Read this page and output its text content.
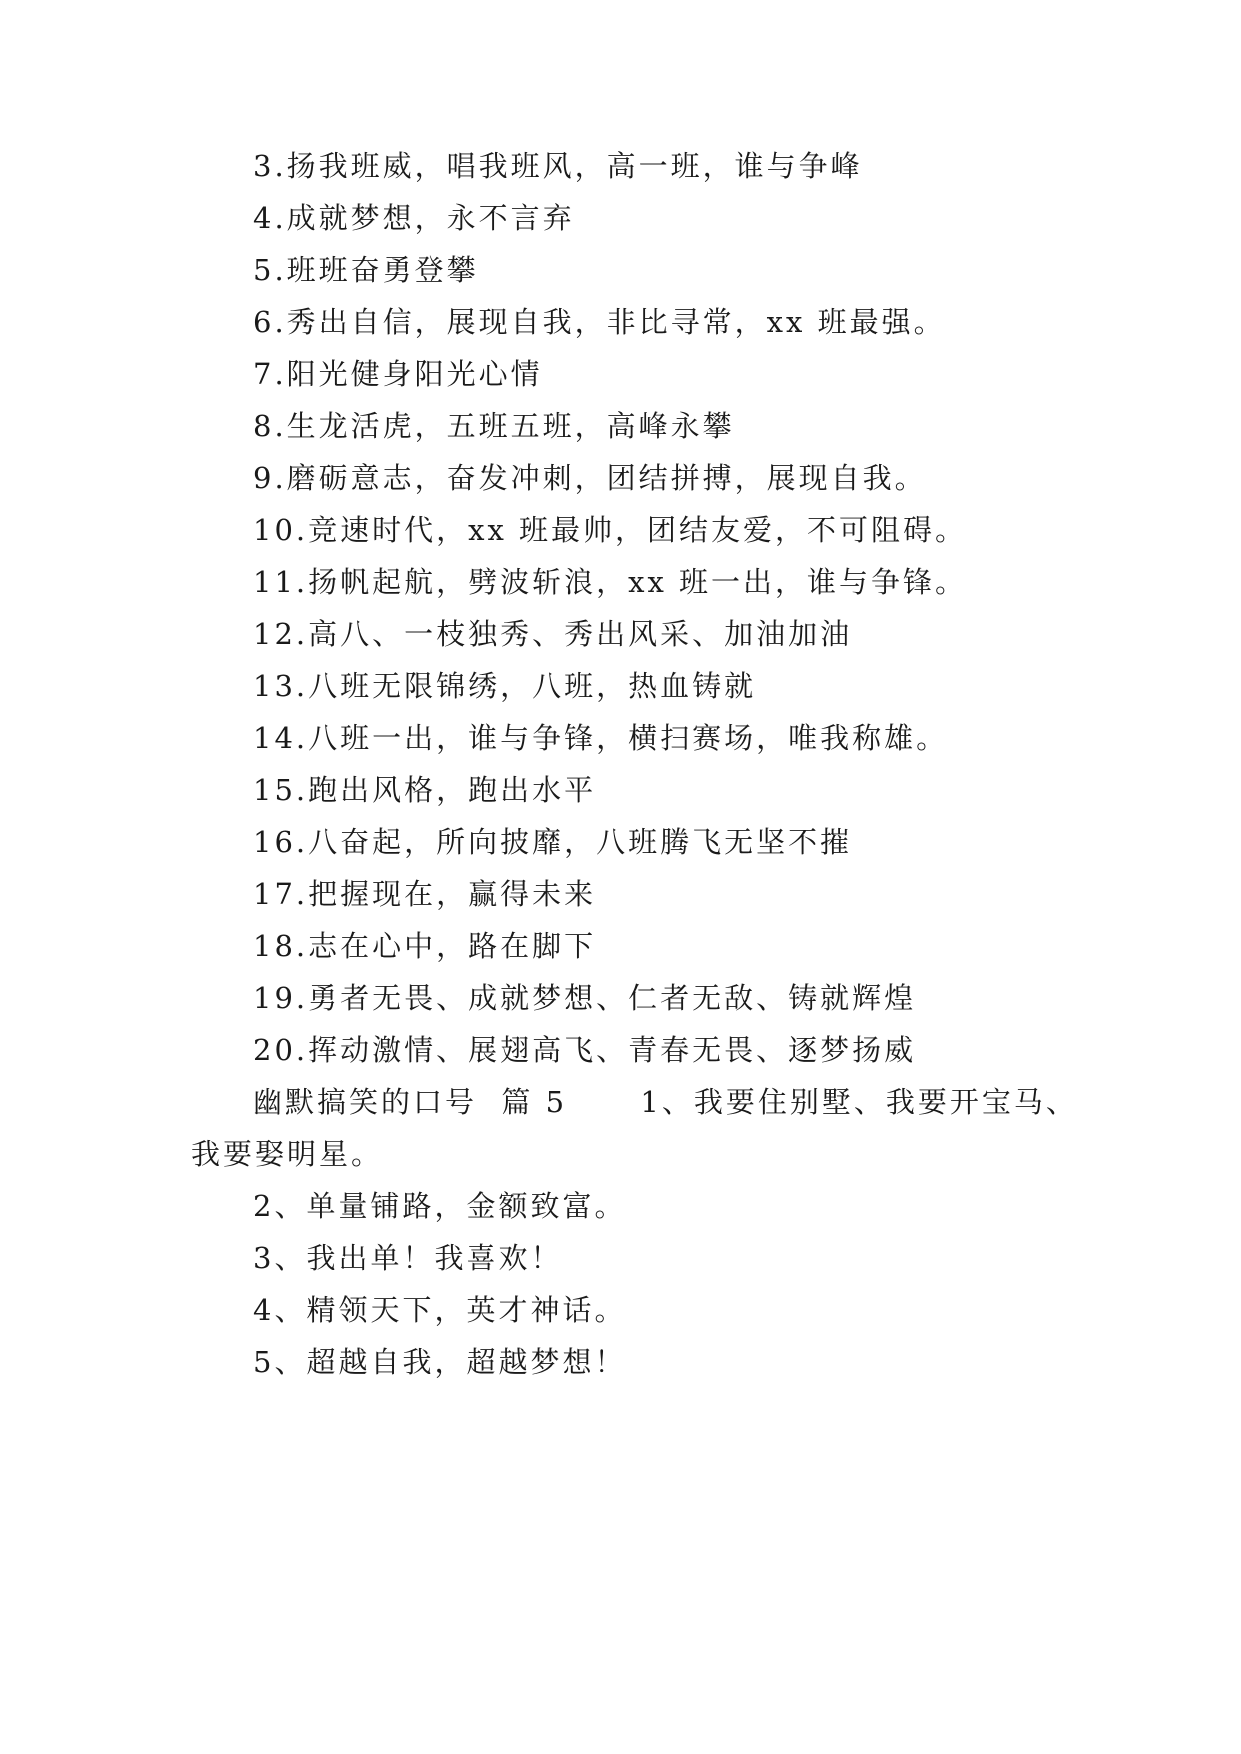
3.扬我班威，唱我班风，高一班，谁与争峰
4.成就梦想，永不言弃
5.班班奋勇登攀
6.秀出自信，展现自我，非比寻常，xx 班最强。
7.阳光健身阳光心情
8.生龙活虎，五班五班，高峰永攀
9.磨砺意志，奋发冲刺，团结拼搏，展现自我。
10.竞速时代，xx 班最帅，团结友爱，不可阻碍。
11.扬帆起航，劈波斩浪，xx 班一出，谁与争锋。
12.高八、一枝独秀、秀出风采、加油加油
13.八班无限锦绣，八班，热血铸就
14.八班一出，谁与争锋，横扫赛场，唯我称雄。
15.跑出风格，跑出水平
16.八奋起，所向披靡，八班腾飞无坚不摧
17.把握现在，赢得未来
18.志在心中，路在脚下
19.勇者无畏、成就梦想、仁者无敌、铸就辉煌
20.挥动激情、展翅高飞、青春无畏、逐梦扬威
幽默搞笑的口号  篇 5      1、我要住别墅、我要开宝马、
我要娶明星。
2、单量铺路，金额致富。
3、我出单！我喜欢！
4、精领天下，英才神话。
5、超越自我，超越梦想！
